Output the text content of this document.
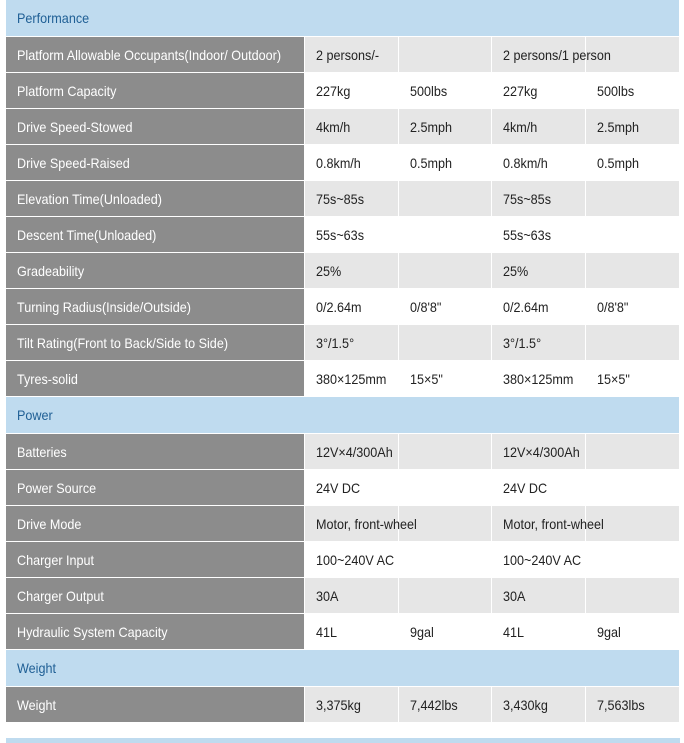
Performance				
Platform Allowable Occupants(Indoor/ Outdoor)	2 persons/-		2 persons/1 person	
Platform Capacity	227kg	500lbs	227kg	500lbs
Drive Speed-Stowed	4km/h	2.5mph	4km/h	2.5mph
Drive Speed-Raised	0.8km/h	0.5mph	0.8km/h	0.5mph
Elevation Time(Unloaded)	75s~85s		75s~85s	
Descent Time(Unloaded)	55s~63s		55s~63s	
Gradeability	25%		25%	
Turning Radius(Inside/Outside)	0/2.64m	0/8'8"	0/2.64m	0/8'8"
Tilt Rating(Front to Back/Side to Side)	3°/1.5°		3°/1.5°	
Tyres-solid	380×125mm	15×5"	380×125mm	15×5"
Power				
Batteries	12V×4/300Ah		12V×4/300Ah	
Power Source	24V DC		24V DC	
Drive Mode	Motor, front-wheel		Motor, front-wheel	
Charger Input	100~240V AC		100~240V AC	
Charger Output	30A		30A	
Hydraulic System Capacity	41L	9gal	41L	9gal
Weight				
Weight	3,375kg	7,442lbs	3,430kg	7,563lbs
